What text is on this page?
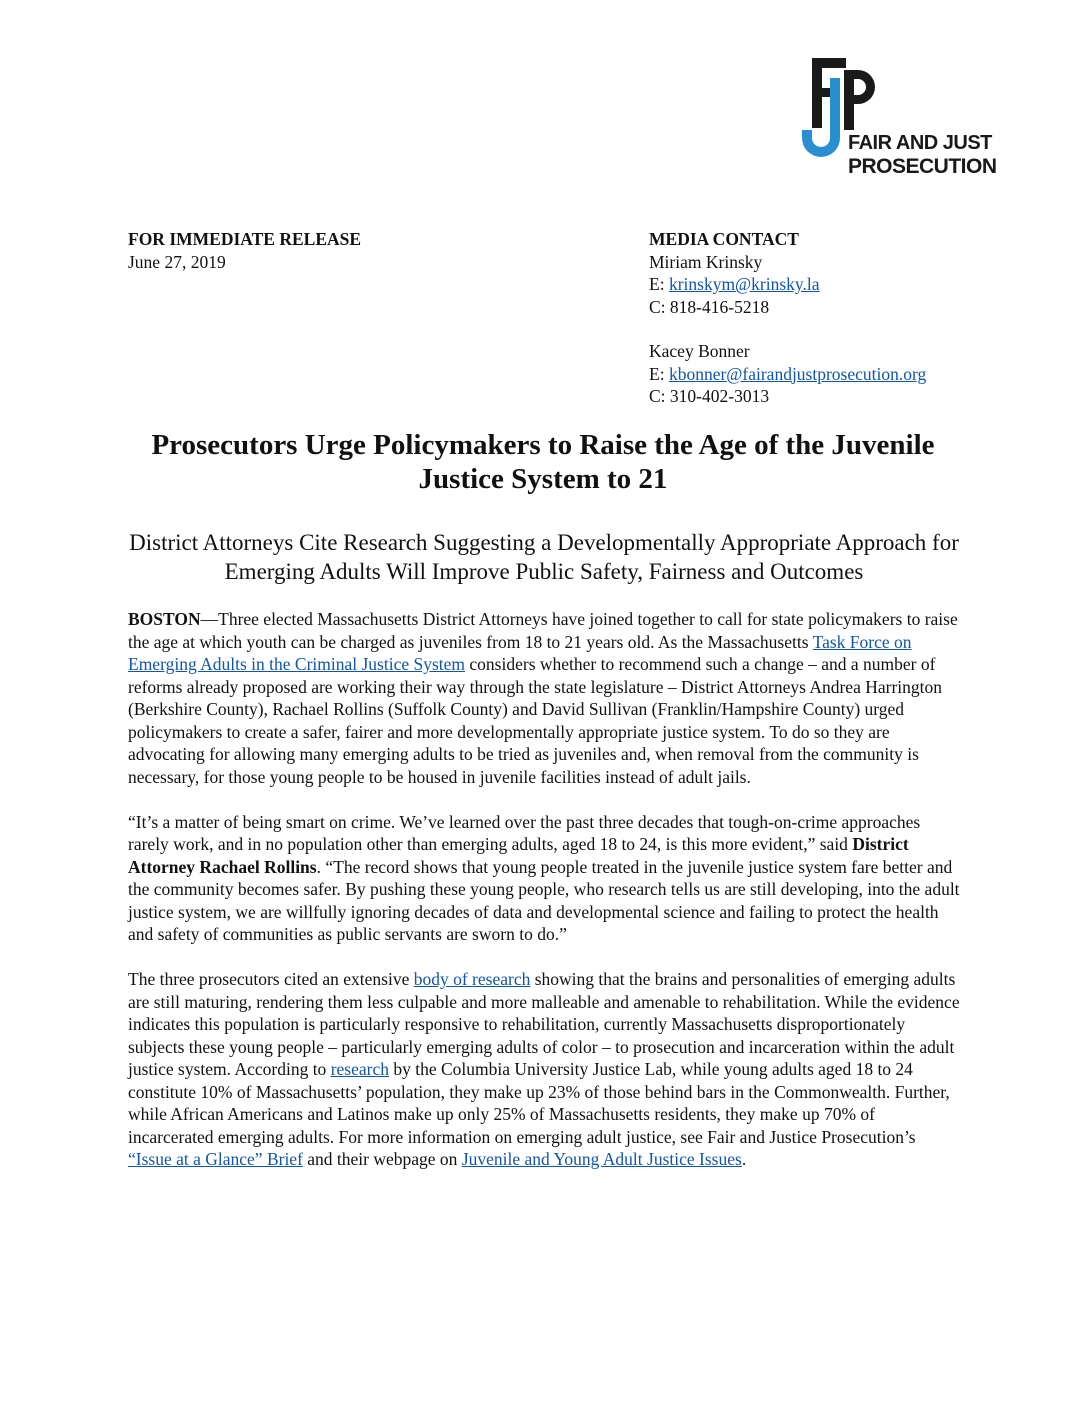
FAIR AND JUST
PROSECUTION
FOR IMMEDIATE RELEASE
June 27, 2019
MEDIA CONTACT
Miriam Krinsky
E: krinskym@krinsky.la
C: 818-416-5218
Kacey Bonner
E: kbonner@fairandjustprosecution.org
C: 310-402-3013
Prosecutors Urge Policymakers to Raise the Age of the Juvenile Justice System to 21
District Attorneys Cite Research Suggesting a Developmentally Appropriate Approach for Emerging Adults Will Improve Public Safety, Fairness and Outcomes

BOSTON—Three elected Massachusetts District Attorneys have joined together to call for state policymakers to raise the age at which youth can be charged as juveniles from 18 to 21 years old. As the Massachusetts Task Force on Emerging Adults in the Criminal Justice System considers whether to recommend such a change – and a number of reforms already proposed are working their way through the state legislature – District Attorneys Andrea Harrington (Berkshire County), Rachael Rollins (Suffolk County) and David Sullivan (Franklin/Hampshire County) urged policymakers to create a safer, fairer and more developmentally appropriate justice system. To do so they are advocating for allowing many emerging adults to be tried as juveniles and, when removal from the community is necessary, for those young people to be housed in juvenile facilities instead of adult jails.

“It’s a matter of being smart on crime. We’ve learned over the past three decades that tough-on-crime approaches rarely work, and in no population other than emerging adults, aged 18 to 24, is this more evident,” said District Attorney Rachael Rollins. “The record shows that young people treated in the juvenile justice system fare better and the community becomes safer. By pushing these young people, who research tells us are still developing, into the adult justice system, we are willfully ignoring decades of data and developmental science and failing to protect the health and safety of communities as public servants are sworn to do.”

The three prosecutors cited an extensive body of research showing that the brains and personalities of emerging adults are still maturing, rendering them less culpable and more malleable and amenable to rehabilitation. While the evidence indicates this population is particularly responsive to rehabilitation, currently Massachusetts disproportionately subjects these young people – particularly emerging adults of color – to prosecution and incarceration within the adult justice system. According to research by the Columbia University Justice Lab, while young adults aged 18 to 24 constitute 10% of Massachusetts’ population, they make up 23% of those behind bars in the Commonwealth. Further, while African Americans and Latinos make up only 25% of Massachusetts residents, they make up 70% of incarcerated emerging adults. For more information on emerging adult justice, see Fair and Justice Prosecution’s “Issue at a Glance” Brief and their webpage on Juvenile and Young Adult Justice Issues.
